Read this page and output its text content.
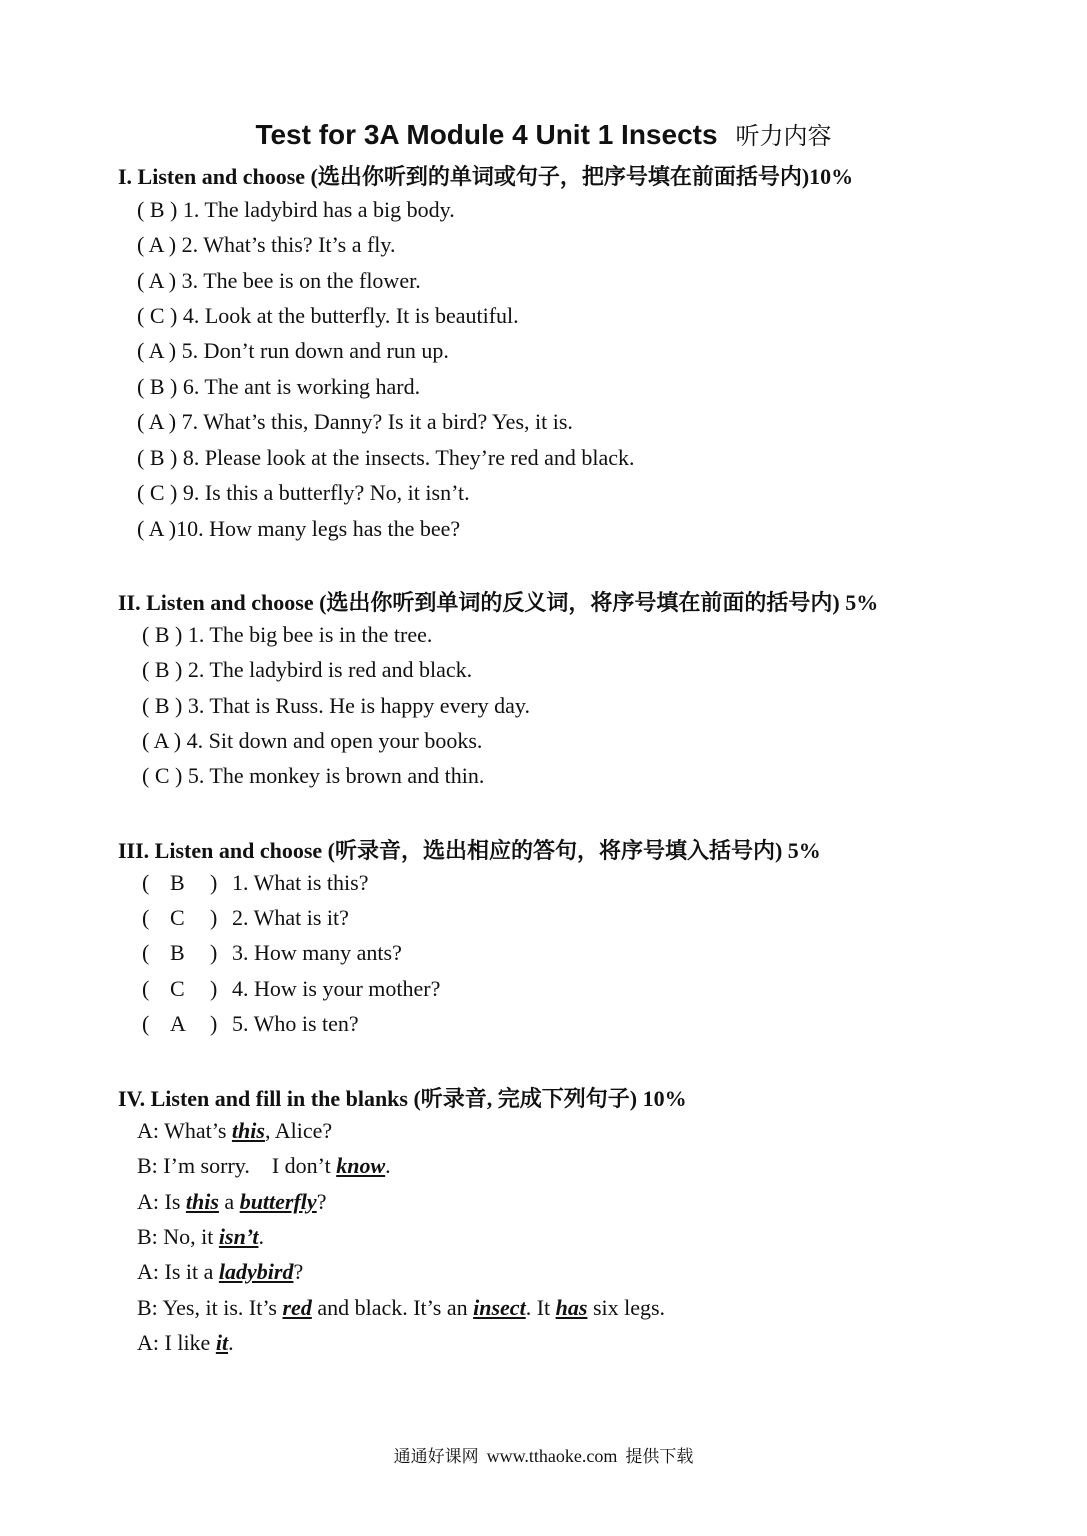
Test for 3A Module 4 Unit 1 Insects 听力内容
I. Listen and choose (选出你听到的单词或句子，把序号填在前面括号内)10%
( B ) 1. The ladybird has a big body.
( A ) 2. What’s this? It’s a fly.
( A ) 3. The bee is on the flower.
( C ) 4. Look at the butterfly. It is beautiful.
( A ) 5. Don’t run down and run up.
( B ) 6. The ant is working hard.
( A ) 7. What’s this, Danny? Is it a bird? Yes, it is.
( B ) 8. Please look at the insects. They’re red and black.
( C ) 9. Is this a butterfly? No, it isn’t.
( A )10. How many legs has the bee?
II. Listen and choose (选出你听到单词的反义词，将序号填在前面的括号内) 5%
( B ) 1. The big bee is in the tree.
( B ) 2. The ladybird is red and black.
( B ) 3. That is Russ. He is happy every day.
( A ) 4. Sit down and open your books.
( C ) 5. The monkey is brown and thin.
III. Listen and choose (听录音，选出相应的答句，将序号填入括号内) 5%
( B ) 1. What is this?
( C ) 2. What is it?
( B ) 3. How many ants?
( C ) 4. How is your mother?
( A ) 5. Who is ten?
IV. Listen and fill in the blanks (听录音, 完成下列句子) 10%
A: What’s this, Alice?
B: I’m sorry.    I don’t know.
A: Is this a butterfly?
B: No, it isn’t.
A: Is it a ladybird?
B: Yes, it is. It’s red and black. It’s an insect. It has six legs.
A: I like it.
通通好课网 www.tthaoke.com 提供下载
